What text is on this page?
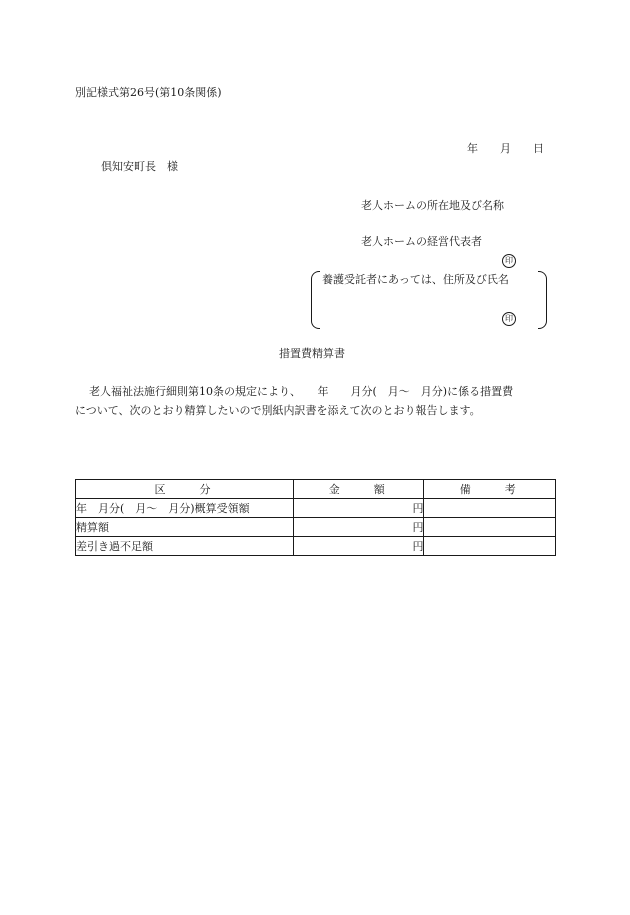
別記様式第26号(第10条関係)
年　　月　　日
倶知安町長　様
老人ホームの所在地及び名称
老人ホームの経営代表者
印
養護受託者にあっては、住所及び氏名
印
措置費精算書
老人福祉法施行細則第10条の規定により、　　年　　月分(　月～　月分)に係る措置費
について、次のとおり精算したいので別紙内訳書を添えて次のとおり報告します。
区　　分	金　　額	備　　考
年　月分(　月～　月分)概算受領額	円	
精算額	円	
差引き過不足額	円	
